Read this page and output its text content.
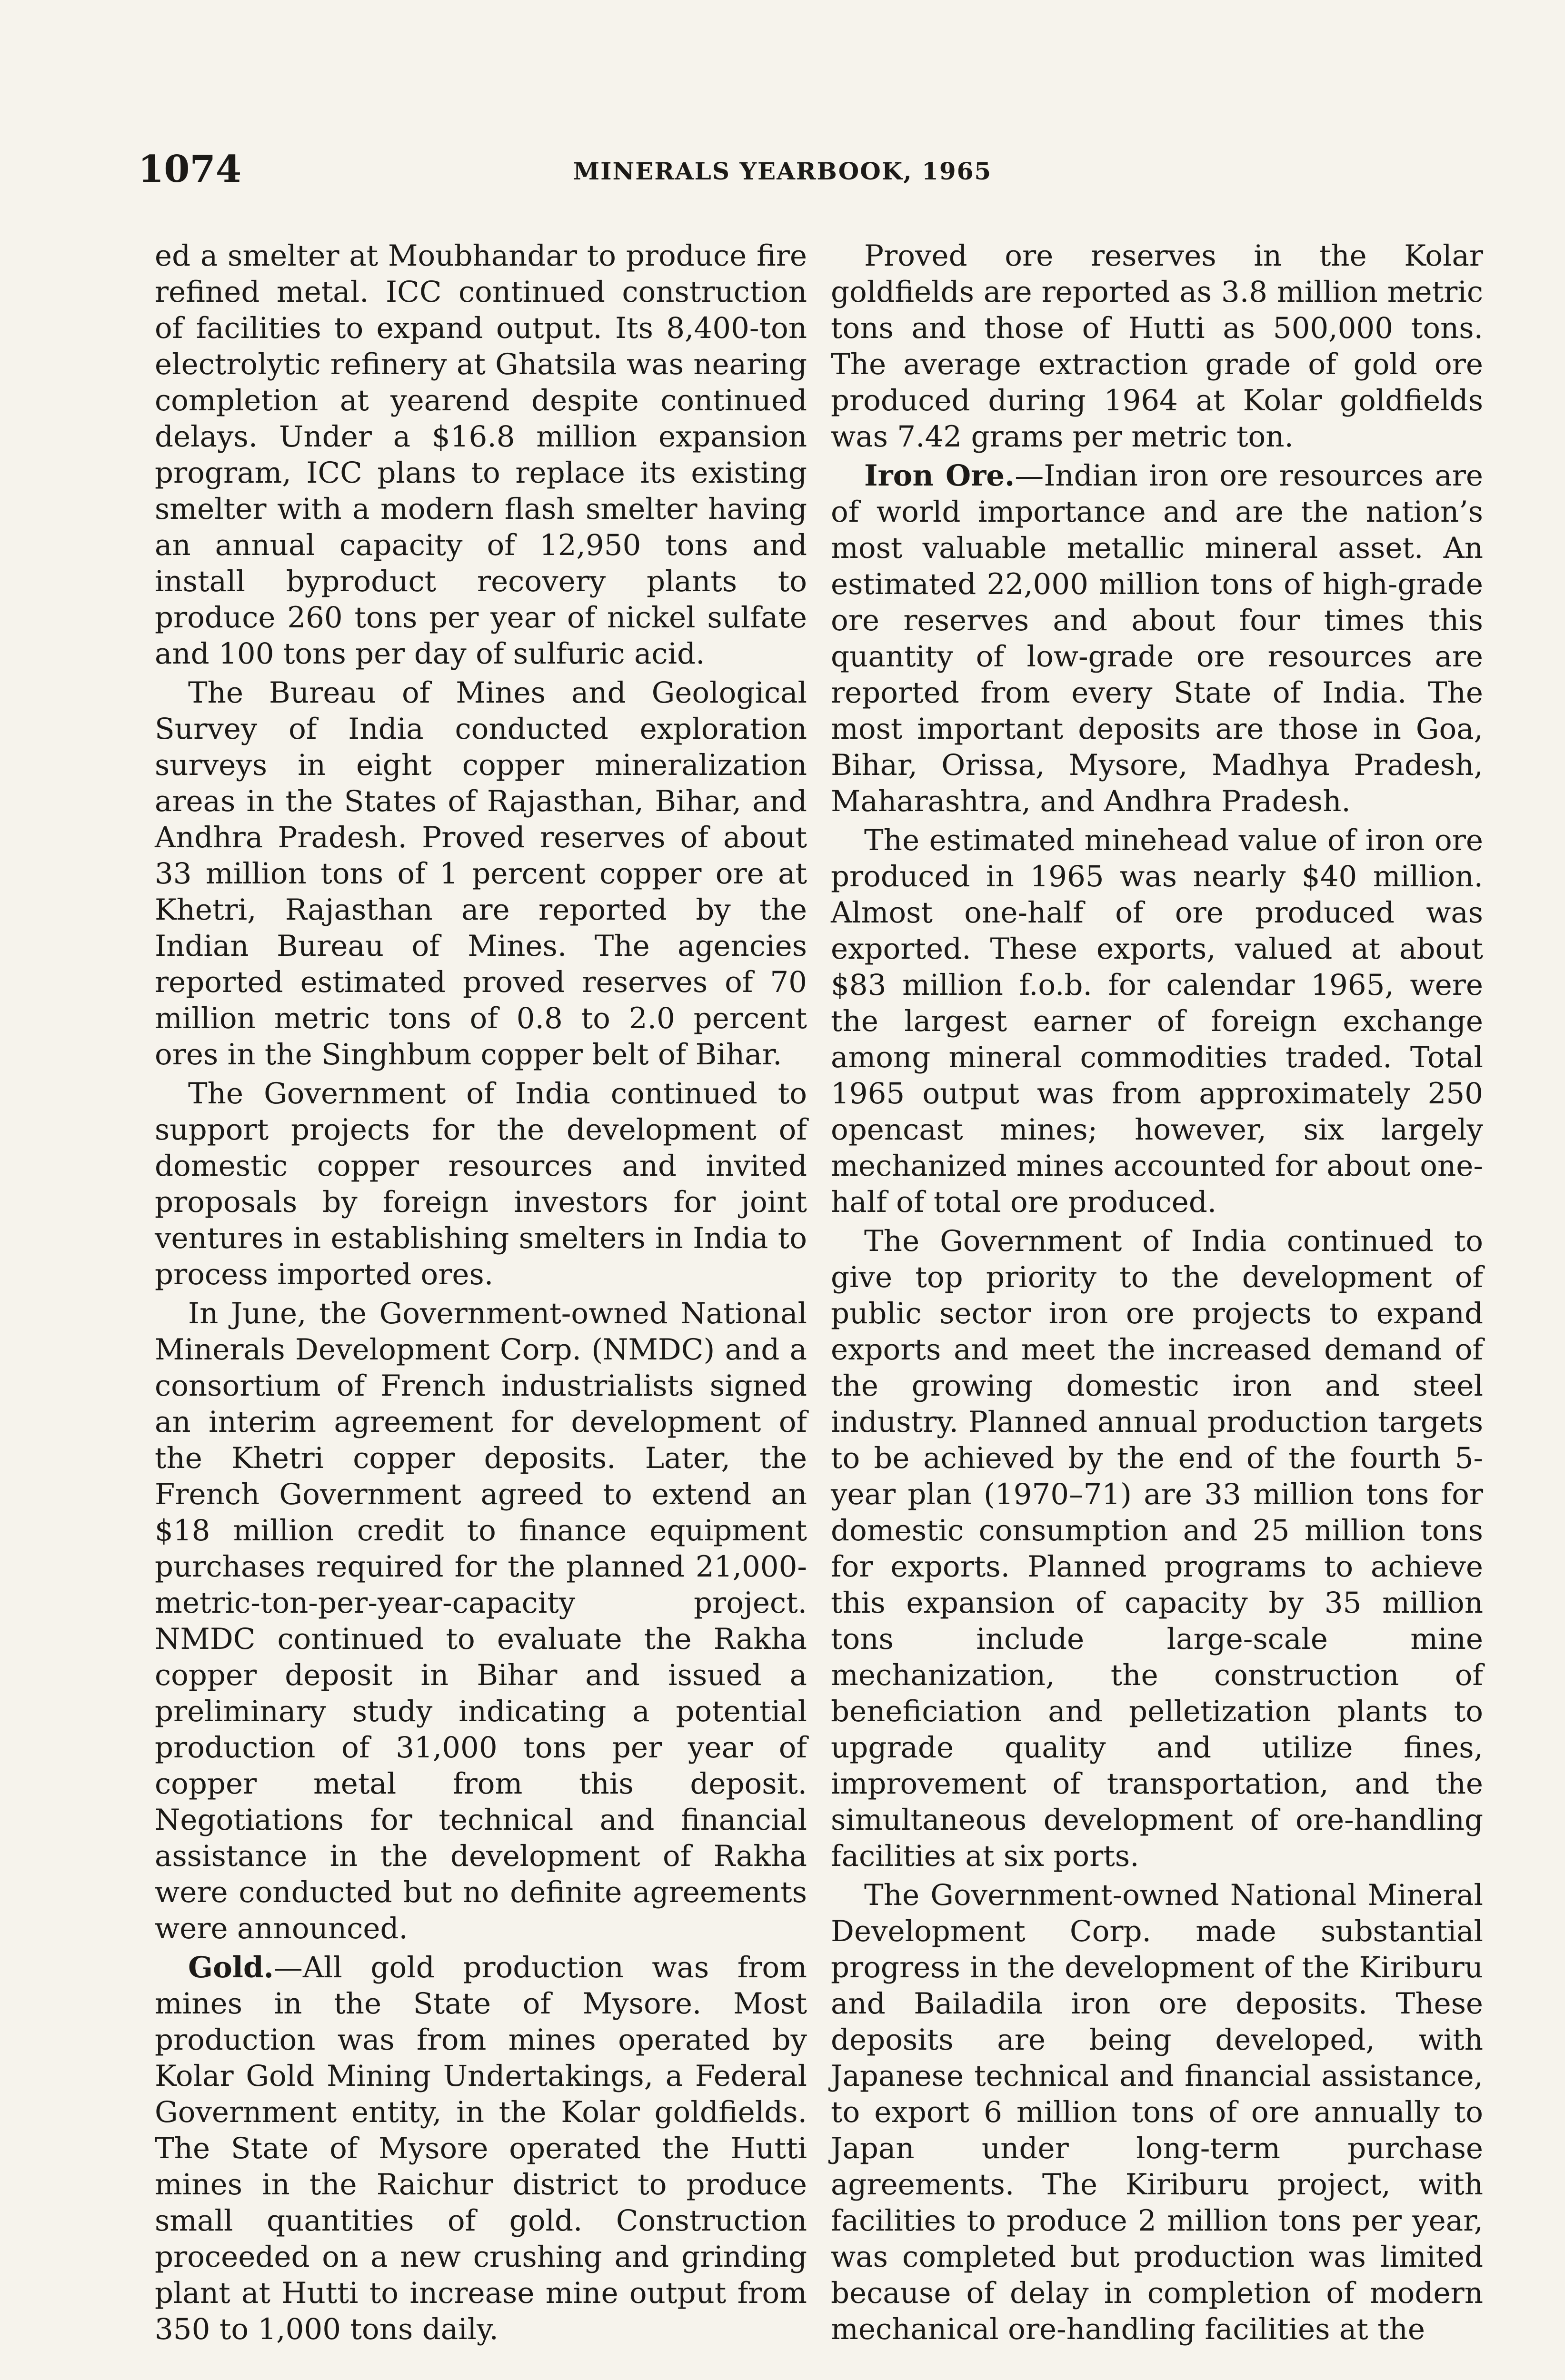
1074	MINERALS YEARBOOK, 1965

ed a smelter at Moubhandar to produce fire refined metal. ICC continued construction of facilities to expand output. Its 8,400-ton electrolytic refinery at Ghatsila was nearing completion at yearend despite continued delays. Under a $16.8 million expansion program, ICC plans to replace its existing smelter with a modern flash smelter having an annual capacity of 12,950 tons and install byproduct recovery plants to produce 260 tons per year of nickel sulfate and 100 tons per day of sulfuric acid.

The Bureau of Mines and Geological Survey of India conducted exploration surveys in eight copper mineralization areas in the States of Rajasthan, Bihar, and Andhra Pradesh. Proved reserves of about 33 million tons of 1 percent copper ore at Khetri, Rajasthan are reported by the Indian Bureau of Mines. The agencies reported estimated proved reserves of 70 million metric tons of 0.8 to 2.0 percent ores in the Singhbum copper belt of Bihar.

The Government of India continued to support projects for the development of domestic copper resources and invited proposals by foreign investors for joint ventures in establishing smelters in India to process imported ores.

In June, the Government-owned National Minerals Development Corp. (NMDC) and a consortium of French industrialists signed an interim agreement for development of the Khetri copper deposits. Later, the French Government agreed to extend an $18 million credit to finance equipment purchases required for the planned 21,000-metric-ton-per-year-capacity project. NMDC continued to evaluate the Rakha copper deposit in Bihar and issued a preliminary study indicating a potential production of 31,000 tons per year of copper metal from this deposit. Negotiations for technical and financial assistance in the development of Rakha were conducted but no definite agreements were announced.

Gold.—All gold production was from mines in the State of Mysore. Most production was from mines operated by Kolar Gold Mining Undertakings, a Federal Government entity, in the Kolar goldfields. The State of Mysore operated the Hutti mines in the Raichur district to produce small quantities of gold. Construction proceeded on a new crushing and grinding plant at Hutti to increase mine output from 350 to 1,000 tons daily.

Proved ore reserves in the Kolar goldfields are reported as 3.8 million metric tons and those of Hutti as 500,000 tons. The average extraction grade of gold ore produced during 1964 at Kolar goldfields was 7.42 grams per metric ton.

Iron Ore.—Indian iron ore resources are of world importance and are the nation’s most valuable metallic mineral asset. An estimated 22,000 million tons of high-grade ore reserves and about four times this quantity of low-grade ore resources are reported from every State of India. The most important deposits are those in Goa, Bihar, Orissa, Mysore, Madhya Pradesh, Maharashtra, and Andhra Pradesh.

The estimated minehead value of iron ore produced in 1965 was nearly $40 million. Almost one-half of ore produced was exported. These exports, valued at about $83 million f.o.b. for calendar 1965, were the largest earner of foreign exchange among mineral commodities traded. Total 1965 output was from approximately 250 opencast mines; however, six largely mechanized mines accounted for about one-half of total ore produced.

The Government of India continued to give top priority to the development of public sector iron ore projects to expand exports and meet the increased demand of the growing domestic iron and steel industry. Planned annual production targets to be achieved by the end of the fourth 5-year plan (1970–71) are 33 million tons for domestic consumption and 25 million tons for exports. Planned programs to achieve this expansion of capacity by 35 million tons include large-scale mine mechanization, the construction of beneficiation and pelletization plants to upgrade quality and utilize fines, improvement of transportation, and the simultaneous development of ore-handling facilities at six ports.

The Government-owned National Mineral Development Corp. made substantial progress in the development of the Kiriburu and Bailadila iron ore deposits. These deposits are being developed, with Japanese technical and financial assistance, to export 6 million tons of ore annually to Japan under long-term purchase agreements. The Kiriburu project, with facilities to produce 2 million tons per year, was completed but production was limited because of delay in completion of modern mechanical ore-handling facilities at the
